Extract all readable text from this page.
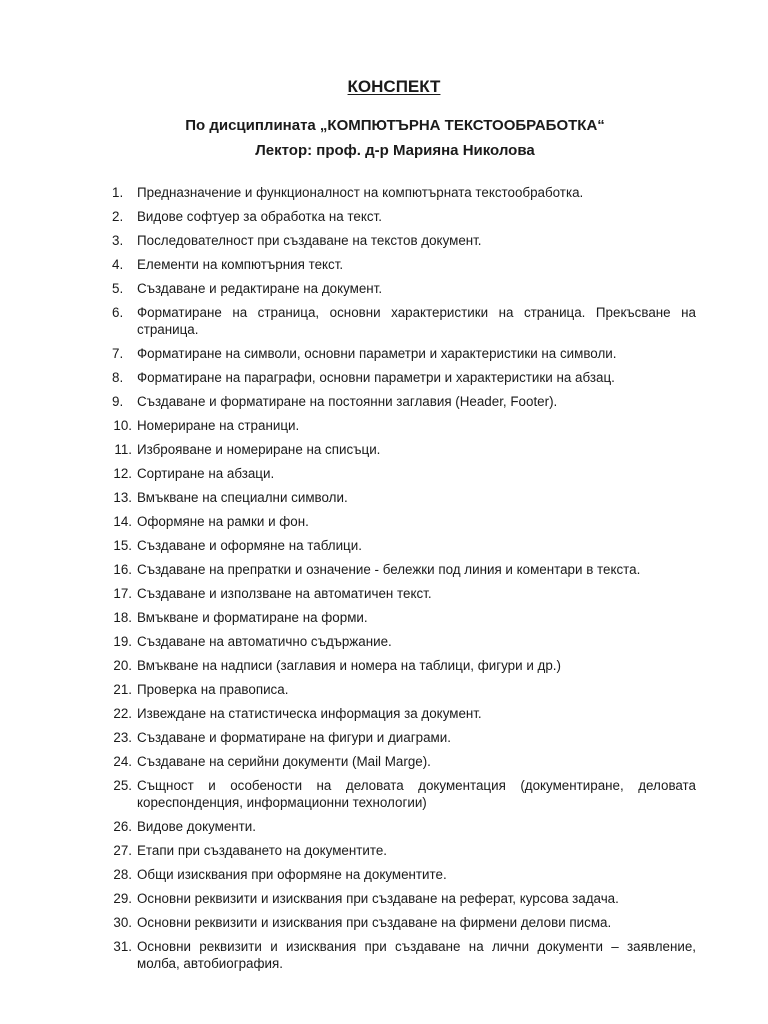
КОНСПЕКТ

По дисциплината „КОМПЮТЪРНА ТЕКСТООБРАБОТКА“

Лектор: проф. д-р Марияна Николова

1. Предназначение и функционалност на компютърната текстообработка.
2. Видове софтуер за обработка на текст.
3. Последователност при създаване на текстов документ.
4. Елементи на компютърния текст.
5. Създаване и редактиране на документ.
6. Форматиране на страница, основни характеристики на страница. Прекъсване на страница.
7. Форматиране на символи, основни параметри и характеристики на символи.
8. Форматиране на параграфи, основни параметри и характеристики на абзац.
9. Създаване и форматиране на постоянни заглавия (Header, Footer).
10. Номериране на страници.
11. Изброяване и номериране на списъци.
12. Сортиране на абзаци.
13. Вмъкване на специални символи.
14. Оформяне на рамки и фон.
15. Създаване и оформяне на таблици.
16. Създаване на препратки и означение - бележки под линия и коментари в текста.
17. Създаване и използване на автоматичен текст.
18. Вмъкване и форматиране на форми.
19. Създаване на автоматично съдържание.
20. Вмъкване на надписи (заглавия и номера на таблици, фигури и др.)
21. Проверка на правописа.
22. Извеждане на статистическа информация за документ.
23. Създаване и форматиране на фигури и диаграми.
24. Създаване на серийни документи (Mail Marge).
25. Същност и особености на деловата документация (документиране, деловата кореспонденция, информационни технологии)
26. Видове документи.
27. Етапи при създаването на документите.
28. Общи изисквания при оформяне на документите.
29. Основни реквизити и изисквания при създаване на реферат, курсова задача.
30. Основни реквизити и изисквания при създаване на фирмени делови писма.
31. Основни реквизити и изисквания при създаване на лични документи – заявление, молба, автобиография.
